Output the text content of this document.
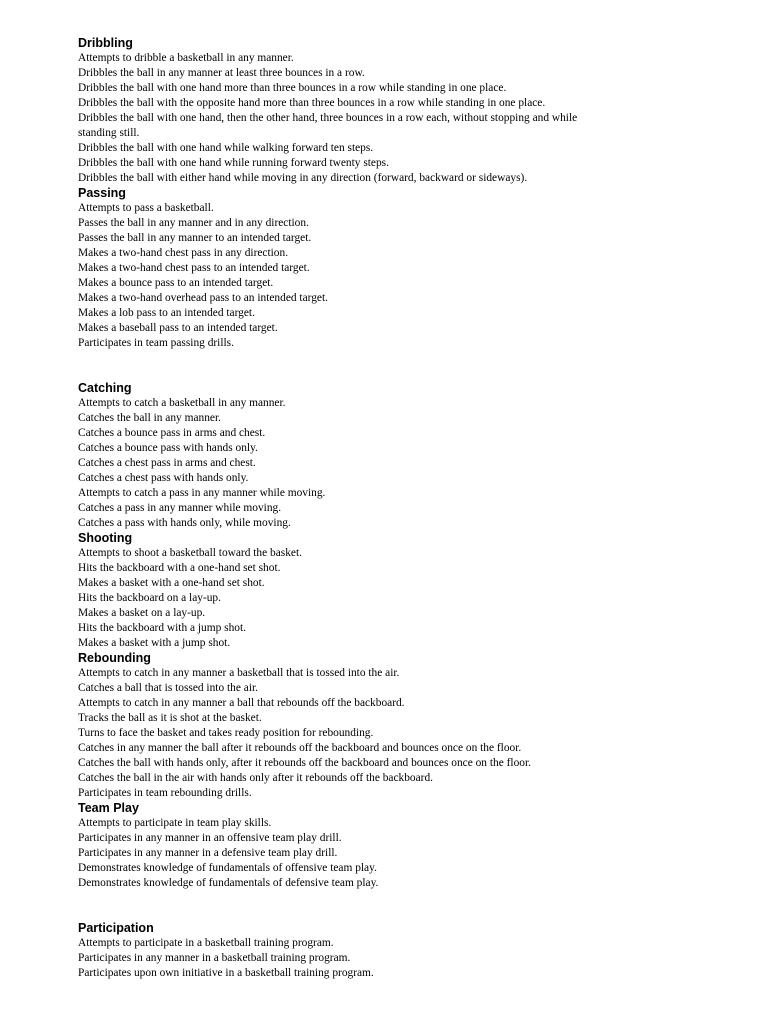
Dribbling

Attempts to dribble a basketball in any manner.

Dribbles the ball in any manner at least three bounces in a row.

Dribbles the ball with one hand more than three bounces in a row while standing in one place.

Dribbles the ball with the opposite hand more than three bounces in a row while standing in one place.

Dribbles the ball with one hand, then the other hand, three bounces in a row each, without stopping and while standing still.

Dribbles the ball with one hand while walking forward ten steps.

Dribbles the ball with one hand while running forward twenty steps.

Dribbles the ball with either hand while moving in any direction (forward, backward or sideways).

Passing

Attempts to pass a basketball.

Passes the ball in any manner and in any direction.

Passes the ball in any manner to an intended target.

Makes a two-hand chest pass in any direction.

Makes a two-hand chest pass to an intended target.

Makes a bounce pass to an intended target.

Makes a two-hand overhead pass to an intended target.

Makes a lob pass to an intended target.

Makes a baseball pass to an intended target.

Participates in team passing drills.

Catching

Attempts to catch a basketball in any manner.

Catches the ball in any manner.

Catches a bounce pass in arms and chest.

Catches a bounce pass with hands only.

Catches a chest pass in arms and chest.

Catches a chest pass with hands only.

Attempts to catch a pass in any manner while moving.

Catches a pass in any manner while moving.

Catches a pass with hands only, while moving.

Shooting

Attempts to shoot a basketball toward the basket.

Hits the backboard with a one-hand set shot.

Makes a basket with a one-hand set shot.

Hits the backboard on a lay-up.

Makes a basket on a lay-up.

Hits the backboard with a jump shot.

Makes a basket with a jump shot.

Rebounding

Attempts to catch in any manner a basketball that is tossed into the air.

Catches a ball that is tossed into the air.

Attempts to catch in any manner a ball that rebounds off the backboard.

Tracks the ball as it is shot at the basket.

Turns to face the basket and takes ready position for rebounding.

Catches in any manner the ball after it rebounds off the backboard and bounces once on the floor.

Catches the ball with hands only, after it rebounds off the backboard and bounces once on the floor.

Catches the ball in the air with hands only after it rebounds off the backboard.

Participates in team rebounding drills.

Team Play

Attempts to participate in team play skills.

Participates in any manner in an offensive team play drill.

Participates in any manner in a defensive team play drill.

Demonstrates knowledge of fundamentals of offensive team play.

Demonstrates knowledge of fundamentals of defensive team play.

Participation

Attempts to participate in a basketball training program.

Participates in any manner in a basketball training program.

Participates upon own initiative in a basketball training program.
